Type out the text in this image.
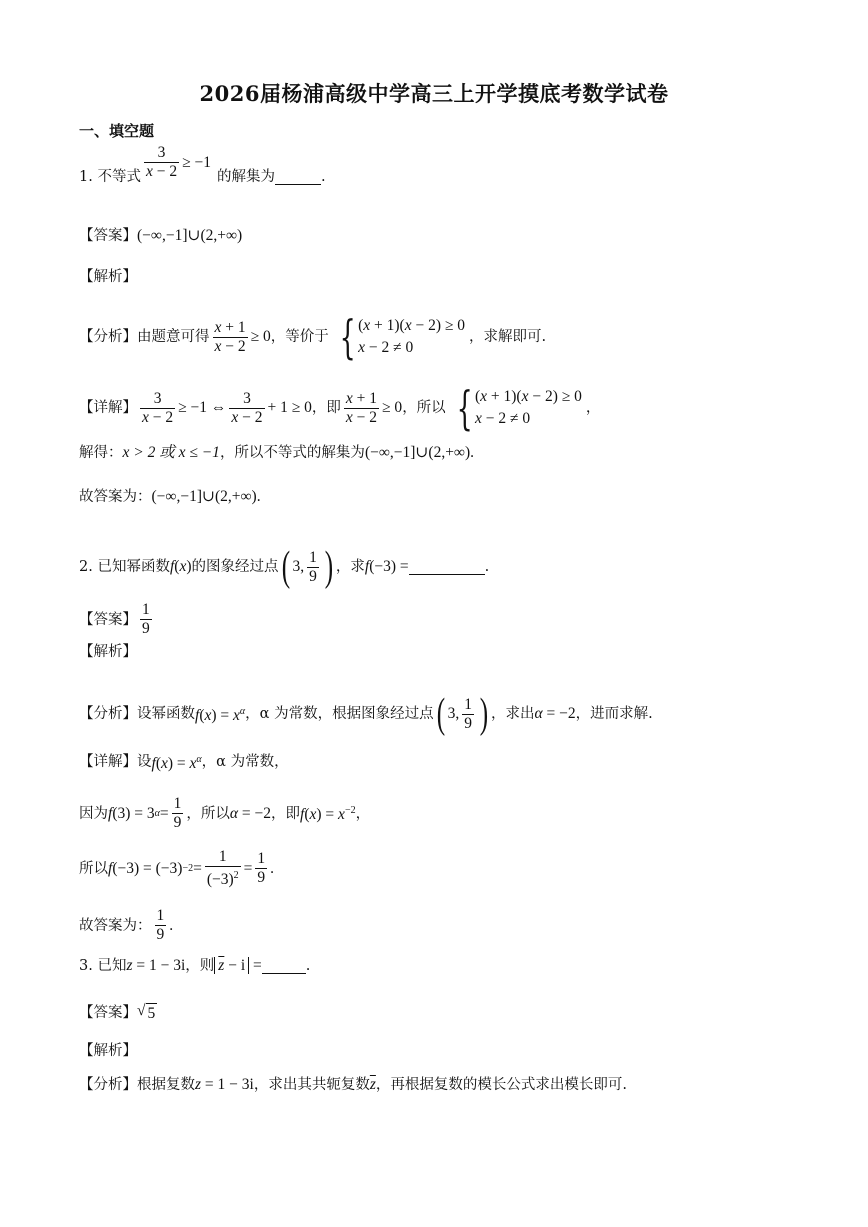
2026届杨浦高级中学高三上开学摸底考数学试卷
一、填空题
1.
不等式 $\frac{3}{x - 2} \ge -1$
的解集为	.
【答案】 (−∞,−1]∪(2,+∞)
【解析】
【分析】 由题意可得 $\frac{x + 1}{x - 2} \ge 0$ ，等价于 { (x + 1)(x − 2) ≥ 0
x − 2 ≠ 0
，求解即可.
【详解】 $\frac{3}{x - 2} \ge -1$ ⇔ $\frac{3}{x - 2} + 1 \ge 0$ ，即 $\frac{x + 1}{x - 2} \ge 0$ ，所以 { (x + 1)(x − 2) ≥ 0
x − 2 ≠ 0
，
解得： x > 2 或 x ≤ −1 ，所以不等式的解集为 (−∞,−1]∪(2,+∞).
故答案为： (−∞,−1]∪(2,+∞).
2.
已知幂函数 f(x) 的图象经过点 ( 3, $\frac{1}{9}$ ) ，求 f(−3) =	.
【答案】 $\frac{1}{9}$
【解析】
【分析】 设幂函数 $f(x) = x^\alpha$ ，α 为常数，根据图象经过点 ( 3, $\frac{1}{9}$ ) ，求出 α = −2 ，进而求解.
【详解】 设 $f(x) = x^\alpha$ ，α 为常数，
因为 f (3) = 3 $\alpha = \frac{1}{9}$ ，所以 α = −2 ，即 $f(x) = x^{-2}$ ，
所以 f $(-3) = (-3) -2 = \frac{1}{(-3)^2} = \frac{1}{9}$ .
故答案为： $\frac{1}{9}$ .
3.
已知 z = 1 − 3i ，则 $\overline{z} - i$ =	.
【答案】 √ 5
【解析】
【分析】 根据复数 z = 1 − 3i ，求出其共轭复数 $\overline{z}$ ，再根据复数的模长公式求出模长即可.
